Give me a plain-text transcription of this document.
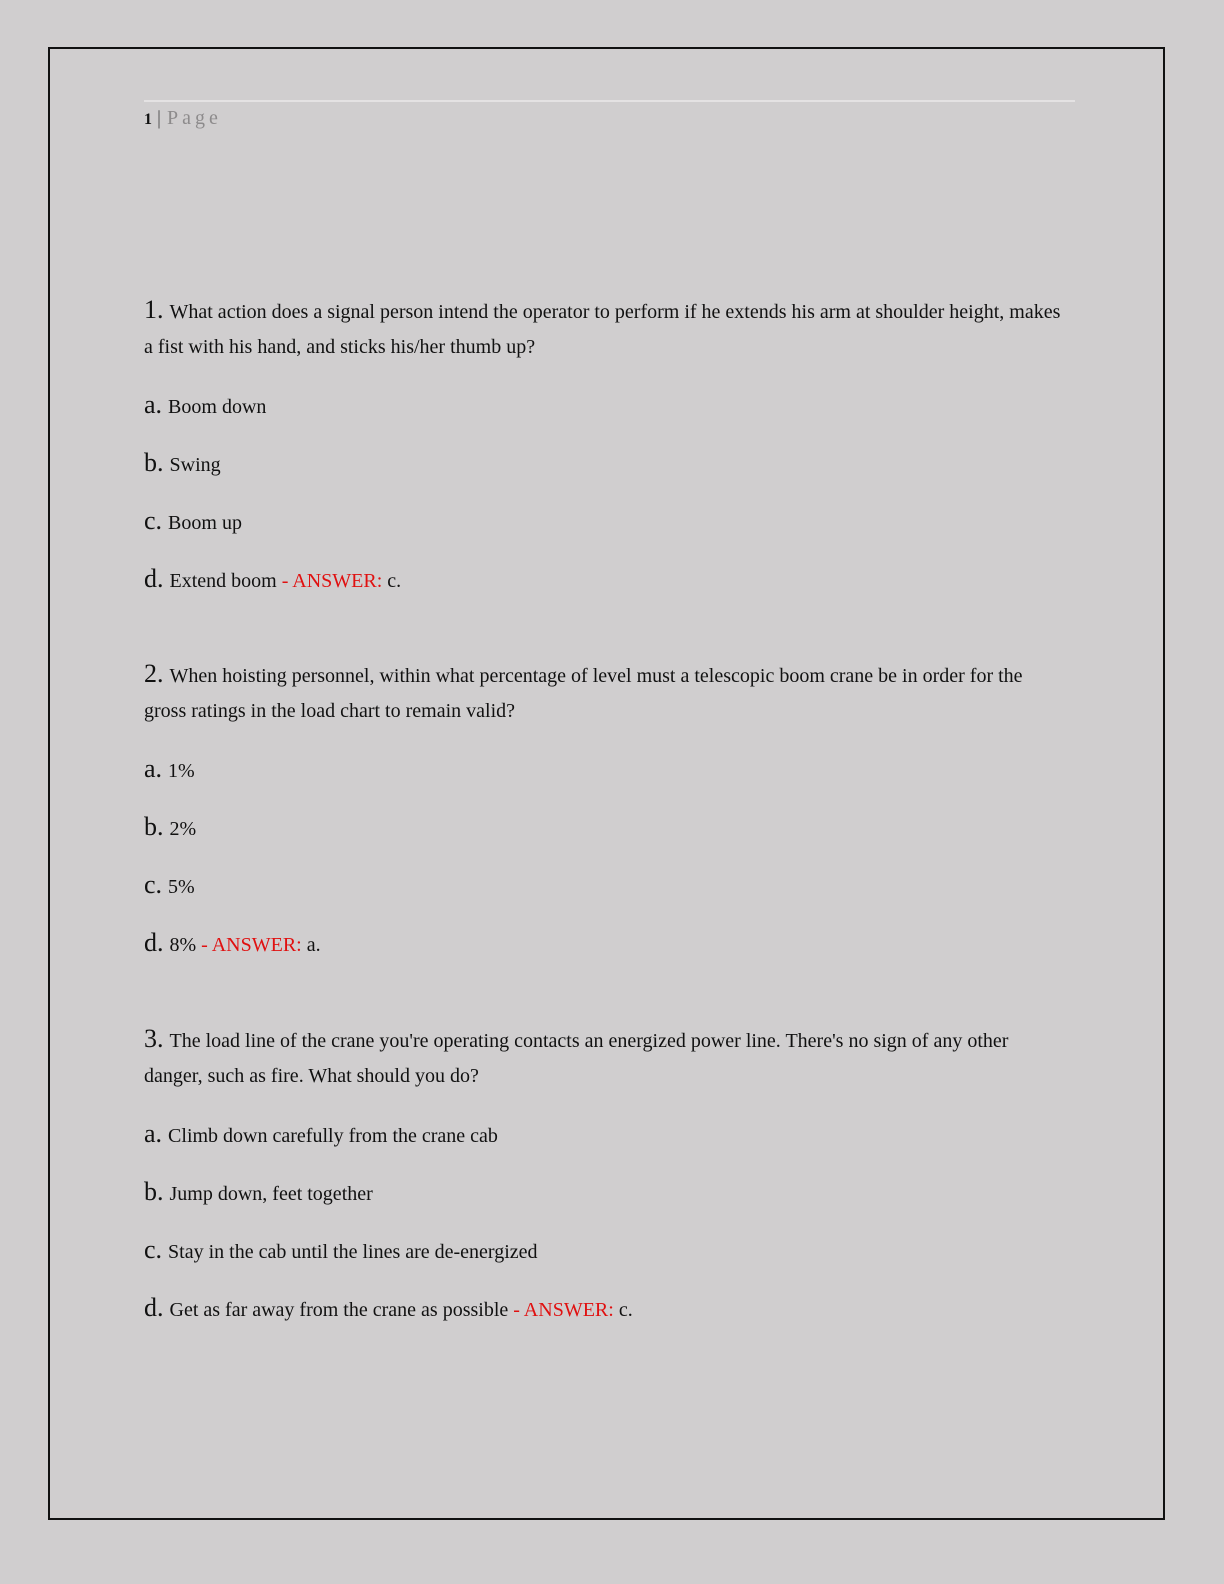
1 | Page

1. What action does a signal person intend the operator to perform if he extends his arm at shoulder height, makes a fist with his hand, and sticks his/her thumb up?

a. Boom down
b. Swing
c. Boom up
d. Extend boom - ANSWER: c.

2. When hoisting personnel, within what percentage of level must a telescopic boom crane be in order for the gross ratings in the load chart to remain valid?

a. 1%
b. 2%
c. 5%
d. 8% - ANSWER: a.

3. The load line of the crane you're operating contacts an energized power line. There's no sign of any other danger, such as fire. What should you do?

a. Climb down carefully from the crane cab
b. Jump down, feet together
c. Stay in the cab until the lines are de-energized
d. Get as far away from the crane as possible - ANSWER: c.
